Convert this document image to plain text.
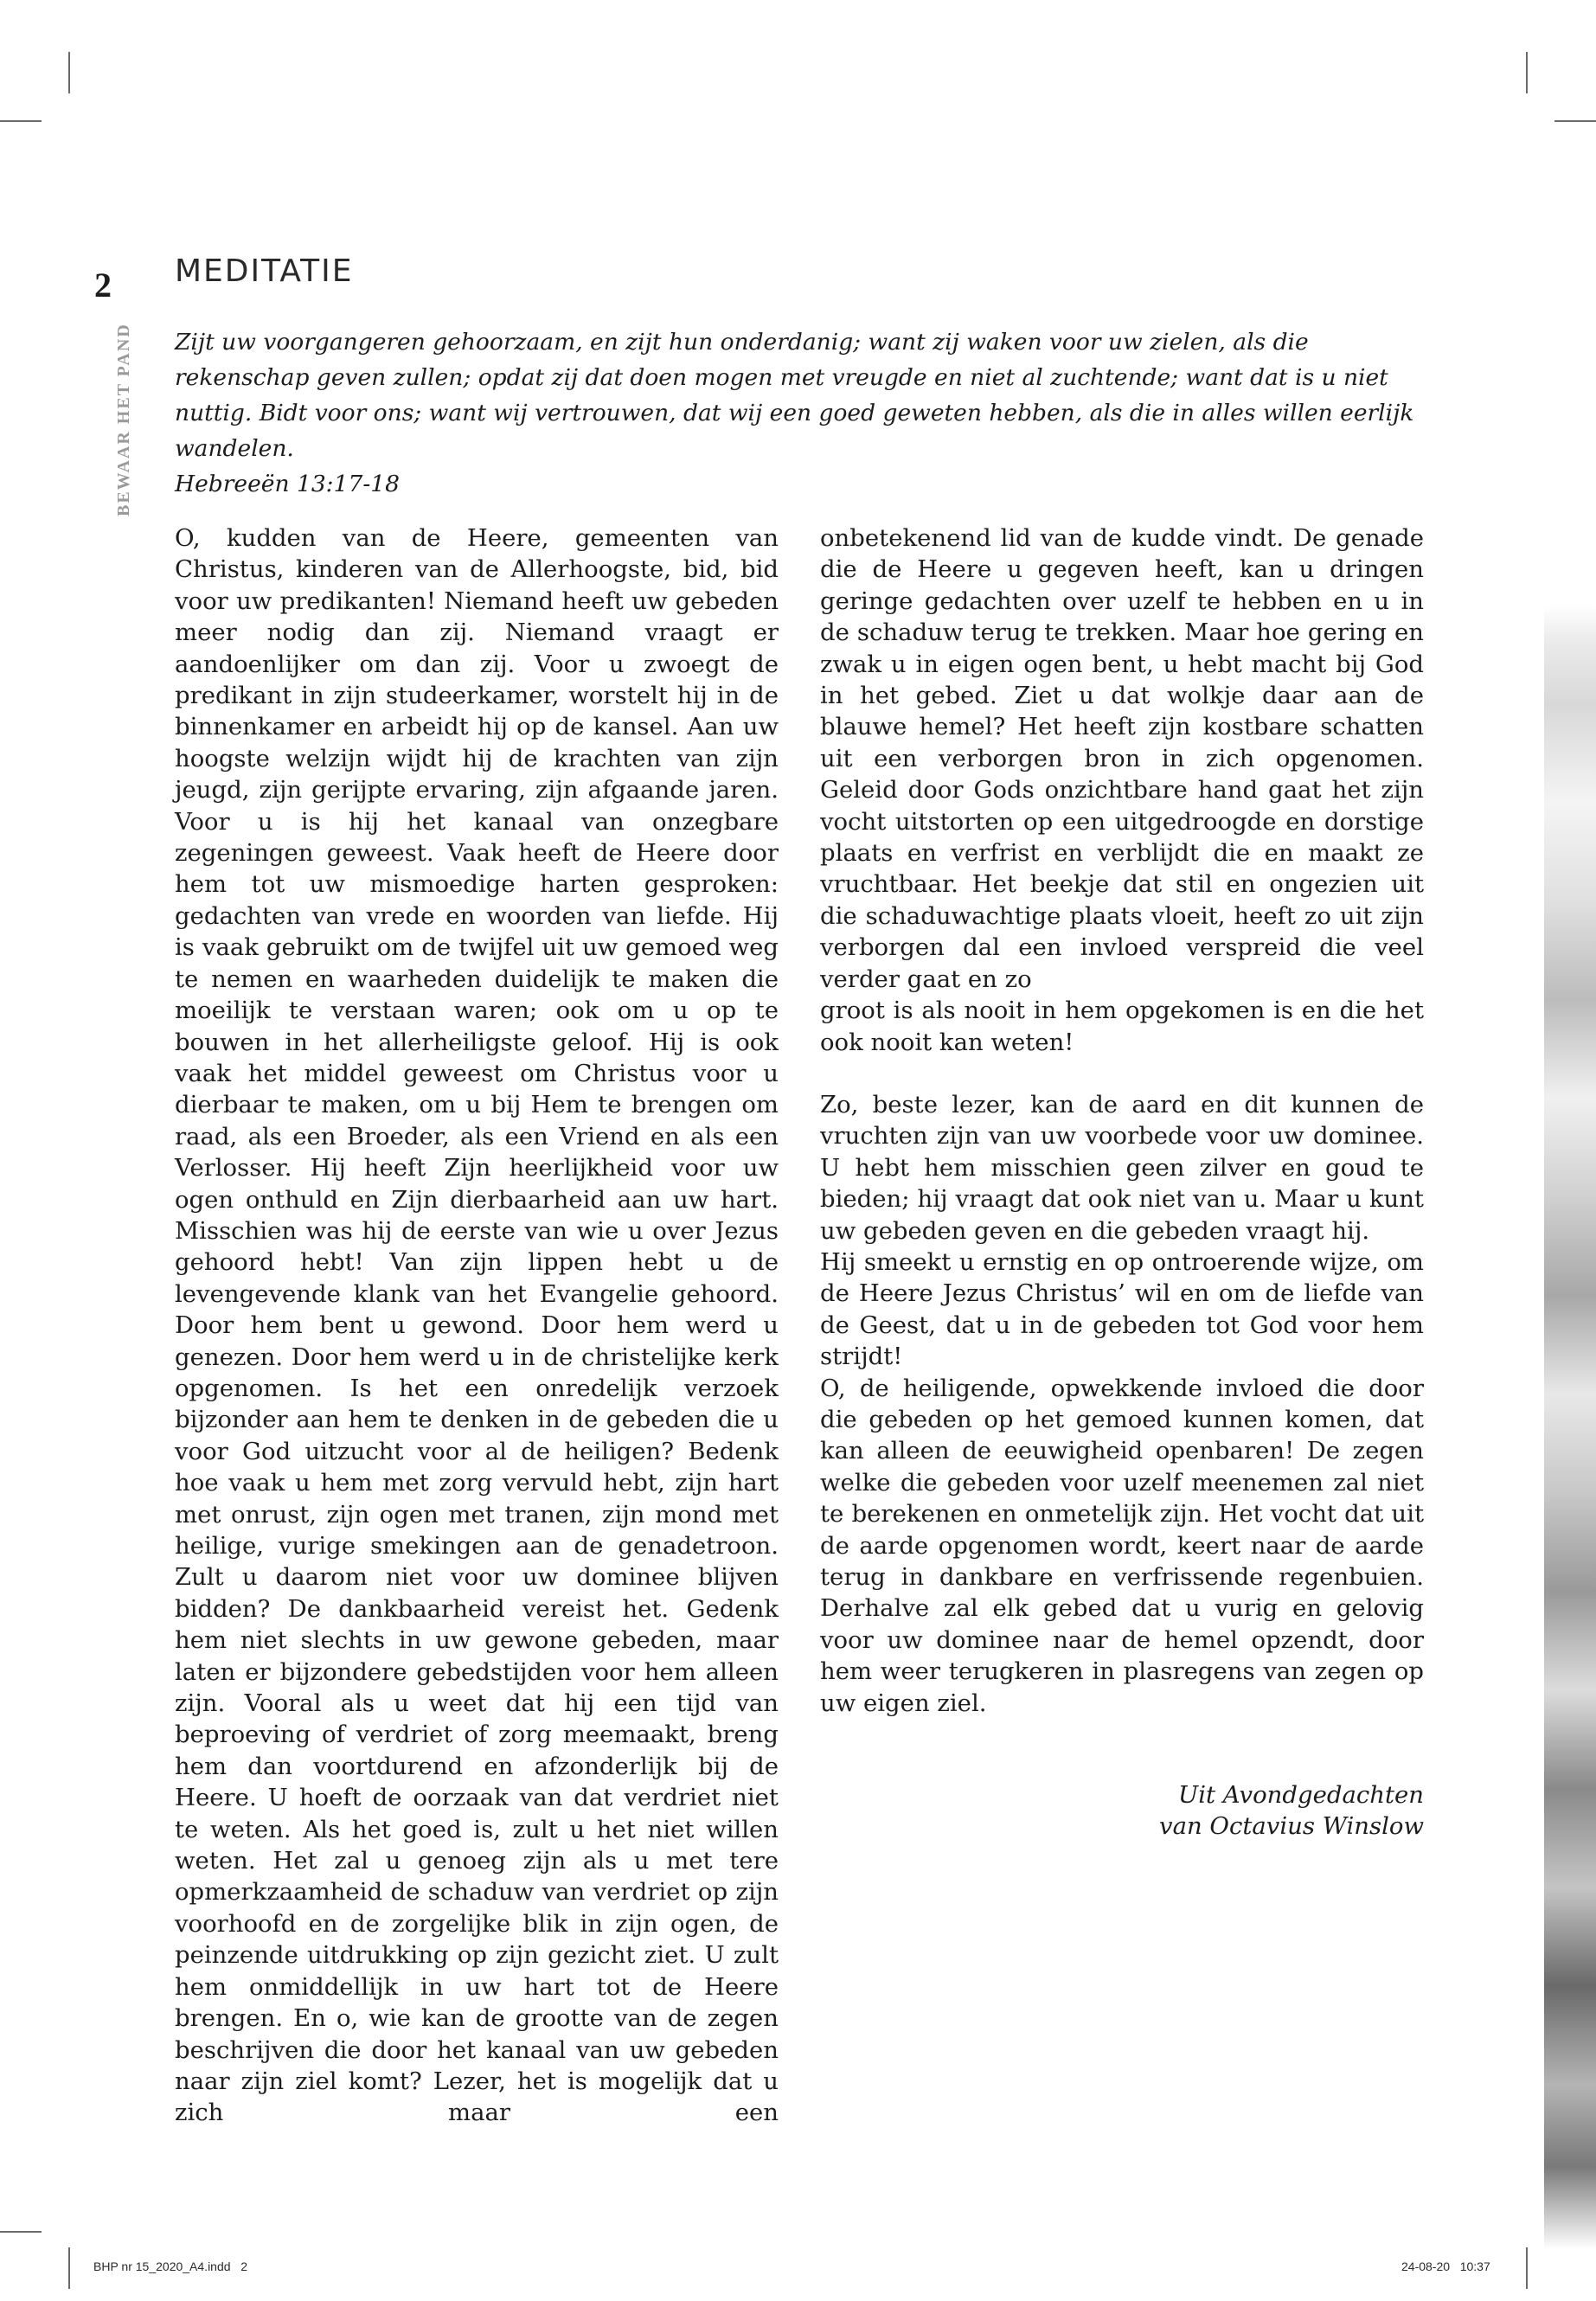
2 MEDITATIE
BEWAAR HET PAND Zijt uw voorgangeren gehoorzaam, en zijt hun onderdanig; want zij waken voor uw zielen, als die rekenschap geven zullen; opdat zij dat doen mogen met vreugde en niet al zuchtende; want dat is u niet nuttig. Bidt voor ons; want wij vertrouwen, dat wij een goed geweten hebben, als die in alles willen eerlijk wandelen.

Hebreeën 13:17-18

O, kudden van de Heere, gemeenten van Christus, kinderen van de Allerhoogste, bid, bid voor uw predikanten! Niemand heeft uw gebeden meer nodig dan zij. Niemand vraagt er aandoenlijker om dan zij. Voor u zwoegt de predikant in zijn studeerkamer, worstelt hij in de binnenkamer en arbeidt hij op de kansel. Aan uw hoogste welzijn wijdt hij de krachten van zijn jeugd, zijn gerijpte ervaring, zijn afgaande jaren. Voor u is hij het kanaal van onzegbare zegeningen geweest. Vaak heeft de Heere door hem tot uw mismoedige harten gesproken: gedachten van vrede en woorden van liefde. Hij is vaak gebruikt om de twijfel uit uw gemoed weg te nemen en waarheden duidelijk te maken die moeilijk te verstaan waren; ook om u op te bouwen in het allerheiligste geloof. Hij is ook vaak het middel geweest om Christus voor u dierbaar te maken, om u bij Hem te brengen om raad, als een Broeder, als een Vriend en als een Verlosser. Hij heeft Zijn heerlijkheid voor uw ogen onthuld en Zijn dierbaarheid aan uw hart. Misschien was hij de eerste van wie u over Jezus gehoord hebt! Van zijn lippen hebt u de levengevende klank van het Evangelie gehoord. Door hem bent u gewond. Door hem werd u genezen. Door hem werd u in de christelijke kerk opgenomen. Is het een onredelijk verzoek bijzonder aan hem te denken in de gebeden die u voor God uitzucht voor al de heiligen? Bedenk hoe vaak u hem met zorg vervuld hebt, zijn hart met onrust, zijn ogen met tranen, zijn mond met heilige, vurige smekingen aan de genadetroon. Zult u daarom niet voor uw dominee blijven bidden? De dankbaarheid vereist het. Gedenk hem niet slechts in uw gewone gebeden, maar laten er bijzondere gebedstijden voor hem alleen zijn. Vooral als u weet dat hij een tijd van beproeving of verdriet of zorg meemaakt, breng hem dan voortdurend en afzonderlijk bij de Heere. U hoeft de oorzaak van dat verdriet niet te weten. Als het goed is, zult u het niet willen weten. Het zal u genoeg zijn als u met tere opmerkzaamheid de schaduw van verdriet op zijn voorhoofd en de zorgelijke blik in zijn ogen, de peinzende uitdrukking op zijn gezicht ziet. U zult hem onmiddellijk in uw hart tot de Heere brengen. En o, wie kan de grootte van de zegen beschrijven die door het kanaal van uw gebeden naar zijn ziel komt? Lezer, het is mogelijk dat u zich maar een

onbetekenend lid van de kudde vindt. De genade die de Heere u gegeven heeft, kan u dringen geringe gedachten over uzelf te hebben en u in de schaduw terug te trekken. Maar hoe gering en zwak u in eigen ogen bent, u hebt macht bij God in het gebed. Ziet u dat wolkje daar aan de blauwe hemel? Het heeft zijn kostbare schatten uit een verborgen bron in zich opgenomen. Geleid door Gods onzichtbare hand gaat het zijn vocht uitstorten op een uitgedroogde en dorstige plaats en verfrist en verblijdt die en maakt ze vruchtbaar. Het beekje dat stil en ongezien uit die schaduwachtige plaats vloeit, heeft zo uit zijn verborgen dal een invloed verspreid die veel verder gaat en zo

groot is als nooit in hem opgekomen is en die het ook nooit kan weten!

Zo, beste lezer, kan de aard en dit kunnen de vruchten zijn van uw voorbede voor uw dominee. U hebt hem misschien geen zilver en goud te bieden; hij vraagt dat ook niet van u. Maar u kunt uw gebeden geven en die gebeden vraagt hij.

Hij smeekt u ernstig en op ontroerende wijze, om de Heere Jezus Christus’ wil en om de liefde van de Geest, dat u in de gebeden tot God voor hem strijdt!

O, de heiligende, opwekkende invloed die door die gebeden op het gemoed kunnen komen, dat kan alleen de eeuwigheid openbaren! De zegen welke die gebeden voor uzelf meenemen zal niet te berekenen en onmetelijk zijn. Het vocht dat uit de aarde opgenomen wordt, keert naar de aarde terug in dankbare en verfrissende regenbuien. Derhalve zal elk gebed dat u vurig en gelovig voor uw dominee naar de hemel opzendt, door hem weer terugkeren in plasregens van zegen op uw eigen ziel.

Uit Avondgedachten
van Octavius Winslow
BHP nr 15_2020_A4.indd   2	24-08-20   10:37
